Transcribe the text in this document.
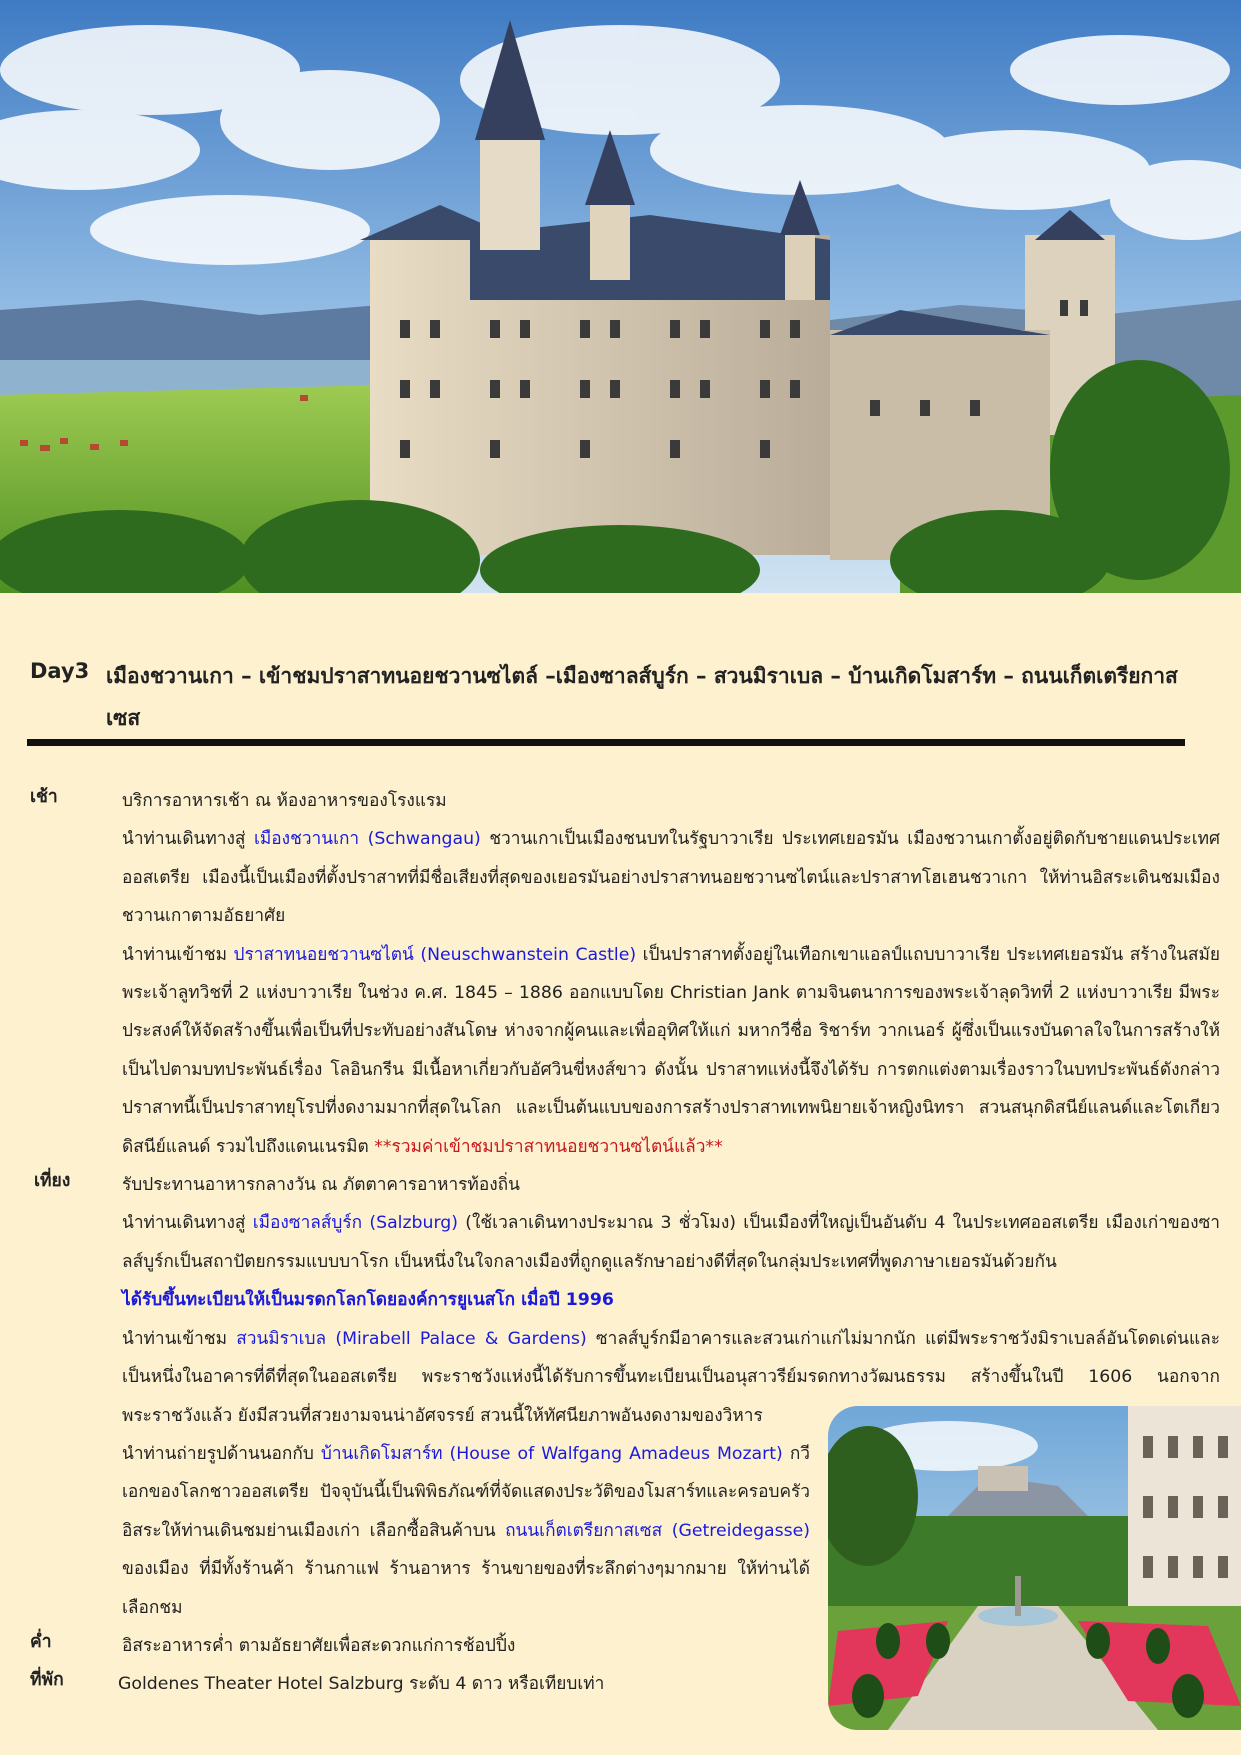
Day3 เมืองชวานเกา – เข้าชมปราสาทนอยชวานซไตล์ –เมืองซาลส์บูร์ก – สวนมิราเบล – บ้านเกิดโมสาร์ท – ถนนเก็ตเตรียกาสเซส
เช้า	บริการอาหารเช้า ณ ห้องอาหารของโรงแรม

นำท่านเดินทางสู่ เมืองชวานเกา (Schwangau) ชวานเกาเป็นเมืองชนบทในรัฐบาวาเรีย ประเทศเยอรมัน เมืองชวานเกาตั้งอยู่ติดกับชายแดนประเทศออสเตรีย เมืองนี้เป็นเมืองที่ตั้งปราสาทที่มีชื่อเสียงที่สุดของเยอรมันอย่างปราสาทนอยชวานซไตน์และปราสาทโฮเฮนชวาเกา ให้ท่านอิสระเดินชมเมืองชวานเกาตามอัธยาศัย

นำท่านเข้าชม ปราสาทนอยชวานซไตน์ (Neuschwanstein Castle) เป็นปราสาทตั้งอยู่ในเทือกเขาแอลป์แถบบาวาเรีย ประเทศเยอรมัน สร้างในสมัยพระเจ้าลูทวิชที่ 2 แห่งบาวาเรีย ในช่วง ค.ศ. 1845 – 1886 ออกแบบโดย Christian Jank ตามจินตนาการของพระเจ้าลุดวิทที่ 2 แห่งบาวาเรีย มีพระประสงค์ให้จัดสร้างขึ้นเพื่อเป็นที่ประทับอย่างสันโดษ ห่างจากผู้คนและเพื่ออุทิศให้แก่ มหากวีชื่อ ริชาร์ท วากเนอร์ ผู้ซึ่งเป็นแรงบันดาลใจในการสร้างให้เป็นไปตามบทประพันธ์เรื่อง โลอินกรีน มีเนื้อหาเกี่ยวกับอัศวินขี่หงส์ขาว ดังนั้น ปราสาทแห่งนี้จึงได้รับ การตกแต่งตามเรื่องราวในบทประพันธ์ดังกล่าว ปราสาทนี้เป็นปราสาทยุโรปที่งดงามมากที่สุดในโลก และเป็นต้นแบบของการสร้างปราสาทเทพนิยายเจ้าหญิงนิทรา สวนสนุกดิสนีย์แลนด์และโตเกียวดิสนีย์แลนด์ รวมไปถึงแดนเนรมิต **รวมค่าเข้าชมปราสาทนอยชวานซไตน์แล้ว**

เที่ยง	รับประทานอาหารกลางวัน ณ ภัตตาคารอาหารท้องถิ่น

นำท่านเดินทางสู่ เมืองซาลส์บูร์ก (Salzburg) (ใช้เวลาเดินทางประมาณ 3 ชั่วโมง) เป็นเมืองที่ใหญ่เป็นอันดับ 4 ในประเทศออสเตรีย เมืองเก่าของซาลส์บูร์กเป็นสถาปัตยกรรมแบบบาโรก เป็นหนึ่งในใจกลางเมืองที่ถูกดูแลรักษาอย่างดีที่สุดในกลุ่มประเทศที่พูดภาษาเยอรมันด้วยกัน

ได้รับขึ้นทะเบียนให้เป็นมรดกโลกโดยองค์การยูเนสโก เมื่อปี 1996

นำท่านเข้าชม สวนมิราเบล (Mirabell Palace & Gardens) ซาลส์บูร์กมีอาคารและสวนเก่าแก่ไม่มากนัก แต่มีพระราชวังมิราเบลล์อันโดดเด่นและเป็นหนึ่งในอาคารที่ดีที่สุดในออสเตรีย พระราชวังแห่งนี้ได้รับการขึ้นทะเบียนเป็นอนุสาวรีย์มรดกทางวัฒนธรรม สร้างขึ้นในปี 1606 นอกจากพระราชวังแล้ว ยังมีสวนที่สวยงามจนน่าอัศจรรย์ สวนนี้ให้ทัศนียภาพอันงดงามของวิหาร

นำท่านถ่ายรูปด้านนอกกับ บ้านเกิดโมสาร์ท (House of Walfgang Amadeus Mozart) กวีเอกของโลกชาวออสเตรีย ปัจจุบันนี้เป็นพิพิธภัณฑ์ที่จัดแสดงประวัติของโมสาร์ทและครอบครัว อิสระให้ท่านเดินชมย่านเมืองเก่า เลือกซื้อสินค้าบน ถนนเก็ตเตรียกาสเซส (Getreidegasse) ของเมือง ที่มีทั้งร้านค้า ร้านกาแฟ ร้านอาหาร ร้านขายของที่ระลึกต่างๆมากมาย ให้ท่านได้เลือกชม

ค่ำ	อิสระอาหารค่ำ ตามอัธยาศัยเพื่อสะดวกแก่การช้อปปิ้ง

ที่พัก	Goldenes Theater Hotel Salzburg ระดับ 4 ดาว หรือเทียบเท่า
